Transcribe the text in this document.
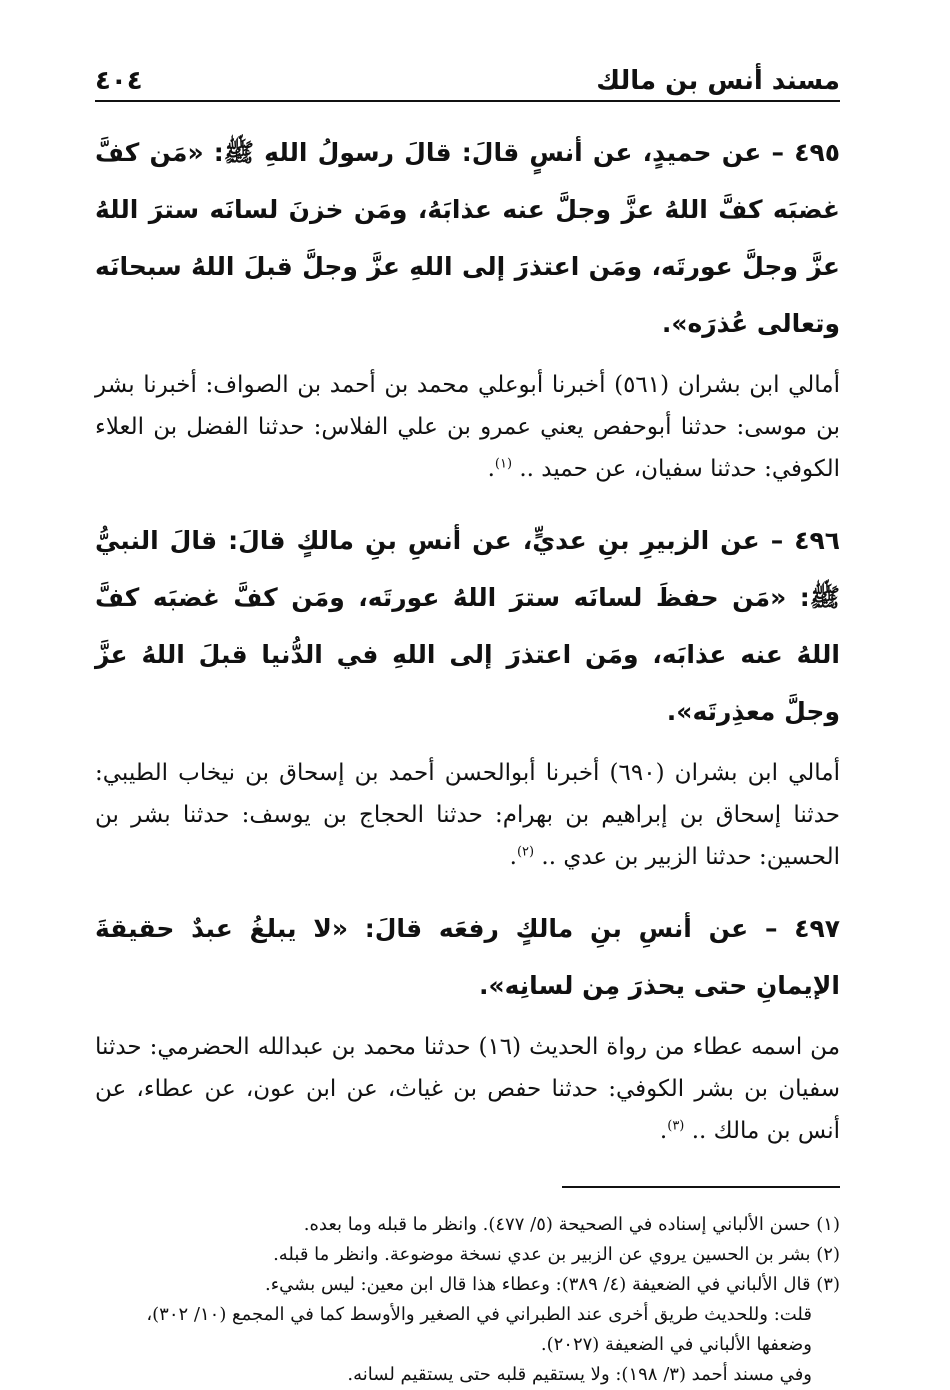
مسند أنس بن مالك
٤٠٤
٤٩٥ – عن حميدٍ، عن أنسٍ قالَ: قالَ رسولُ اللهِ ﷺ: «مَن كفَّ غضبَه كفَّ اللهُ عزَّ وجلَّ عنه عذابَهُ، ومَن خزنَ لسانَه سترَ اللهُ عزَّ وجلَّ عورتَه، ومَن اعتذرَ إلى اللهِ عزَّ وجلَّ قبلَ اللهُ سبحانَه وتعالى عُذرَه».
أمالي ابن بشران (٥٦١) أخبرنا أبوعلي محمد بن أحمد بن الصواف: أخبرنا بشر بن موسى: حدثنا أبوحفص يعني عمرو بن علي الفلاس: حدثنا الفضل بن العلاء الكوفي: حدثنا سفيان، عن حميد .. $^{(١)}$.
٤٩٦ – عن الزبيرِ بنِ عديٍّ، عن أنسِ بنِ مالكٍ قالَ: قالَ النبيُّ ﷺ: «مَن حفظَ لسانَه سترَ اللهُ عورتَه، ومَن كفَّ غضبَه كفَّ اللهُ عنه عذابَه، ومَن اعتذرَ إلى اللهِ في الدُّنيا قبلَ اللهُ عزَّ وجلَّ معذِرتَه».
أمالي ابن بشران (٦٩٠) أخبرنا أبوالحسن أحمد بن إسحاق بن نيخاب الطيبي: حدثنا إسحاق بن إبراهيم بن بهرام: حدثنا الحجاج بن يوسف: حدثنا بشر بن الحسين: حدثنا الزبير بن عدي .. $^{(٢)}$.
٤٩٧ – عن أنسِ بنِ مالكٍ رفعَه قالَ: «لا يبلغُ عبدٌ حقيقةَ الإيمانِ حتى يحذرَ مِن لسانِه».
من اسمه عطاء من رواة الحديث (١٦) حدثنا محمد بن عبدالله الحضرمي: حدثنا سفيان بن بشر الكوفي: حدثنا حفص بن غياث، عن ابن عون، عن عطاء، عن أنس بن مالك .. $^{(٣)}$.

(١) حسن الألباني إسناده في الصحيحة (٥/ ٤٧٧). وانظر ما قبله وما بعده.

(٢) بشر بن الحسين يروي عن الزبير بن عدي نسخة موضوعة. وانظر ما قبله.

(٣) قال الألباني في الضعيفة (٤/ ٣٨٩): وعطاء هذا قال ابن معين: ليس بشيء.

قلت: وللحديث طريق أخرى عند الطبراني في الصغير والأوسط كما في المجمع (١٠/ ٣٠٢)، وضعفها الألباني في الضعيفة (٢٠٢٧).

وفي مسند أحمد (٣/ ١٩٨): ولا يستقيم قلبه حتى يستقيم لسانه.
